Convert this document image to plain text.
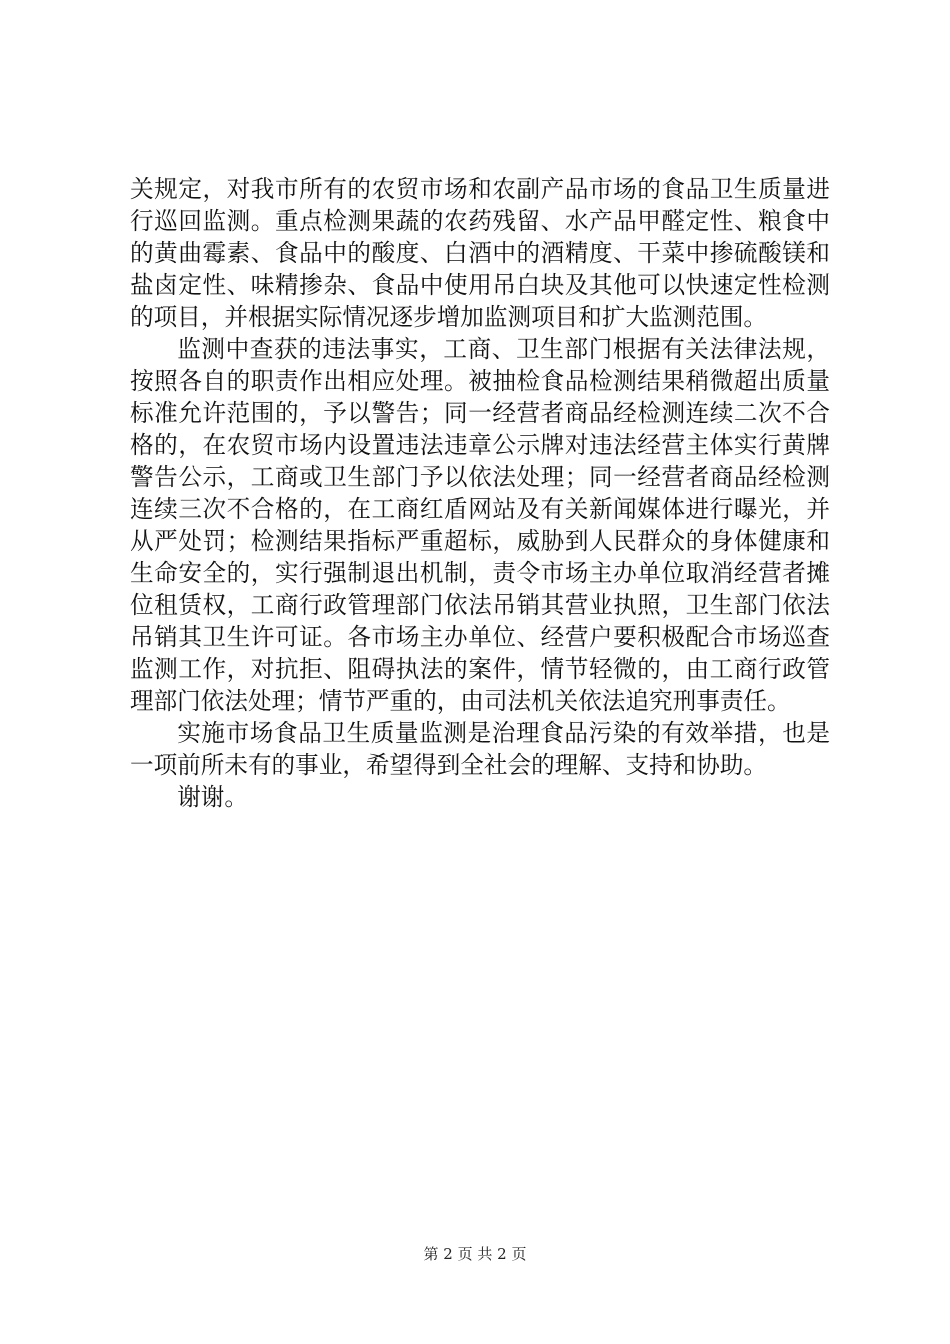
关规定，对我市所有的农贸市场和农副产品市场的食品卫生质量进行巡回监测。重点检测果蔬的农药残留、水产品甲醛定性、粮食中的黄曲霉素、食品中的酸度、白酒中的酒精度、干菜中掺硫酸镁和盐卤定性、味精掺杂、食品中使用吊白块及其他可以快速定性检测的项目，并根据实际情况逐步增加监测项目和扩大监测范围。

监测中查获的违法事实，工商、卫生部门根据有关法律法规，按照各自的职责作出相应处理。被抽检食品检测结果稍微超出质量标准允许范围的，予以警告；同一经营者商品经检测连续二次不合格的，在农贸市场内设置违法违章公示牌对违法经营主体实行黄牌警告公示，工商或卫生部门予以依法处理；同一经营者商品经检测连续三次不合格的，在工商红盾网站及有关新闻媒体进行曝光，并从严处罚；检测结果指标严重超标，威胁到人民群众的身体健康和生命安全的，实行强制退出机制，责令市场主办单位取消经营者摊位租赁权，工商行政管理部门依法吊销其营业执照，卫生部门依法吊销其卫生许可证。各市场主办单位、经营户要积极配合市场巡查监测工作，对抗拒、阻碍执法的案件，情节轻微的，由工商行政管理部门依法处理；情节严重的，由司法机关依法追究刑事责任。

实施市场食品卫生质量监测是治理食品污染的有效举措，也是一项前所未有的事业，希望得到全社会的理解、支持和协助。

谢谢。

第 2 页 共 2 页
